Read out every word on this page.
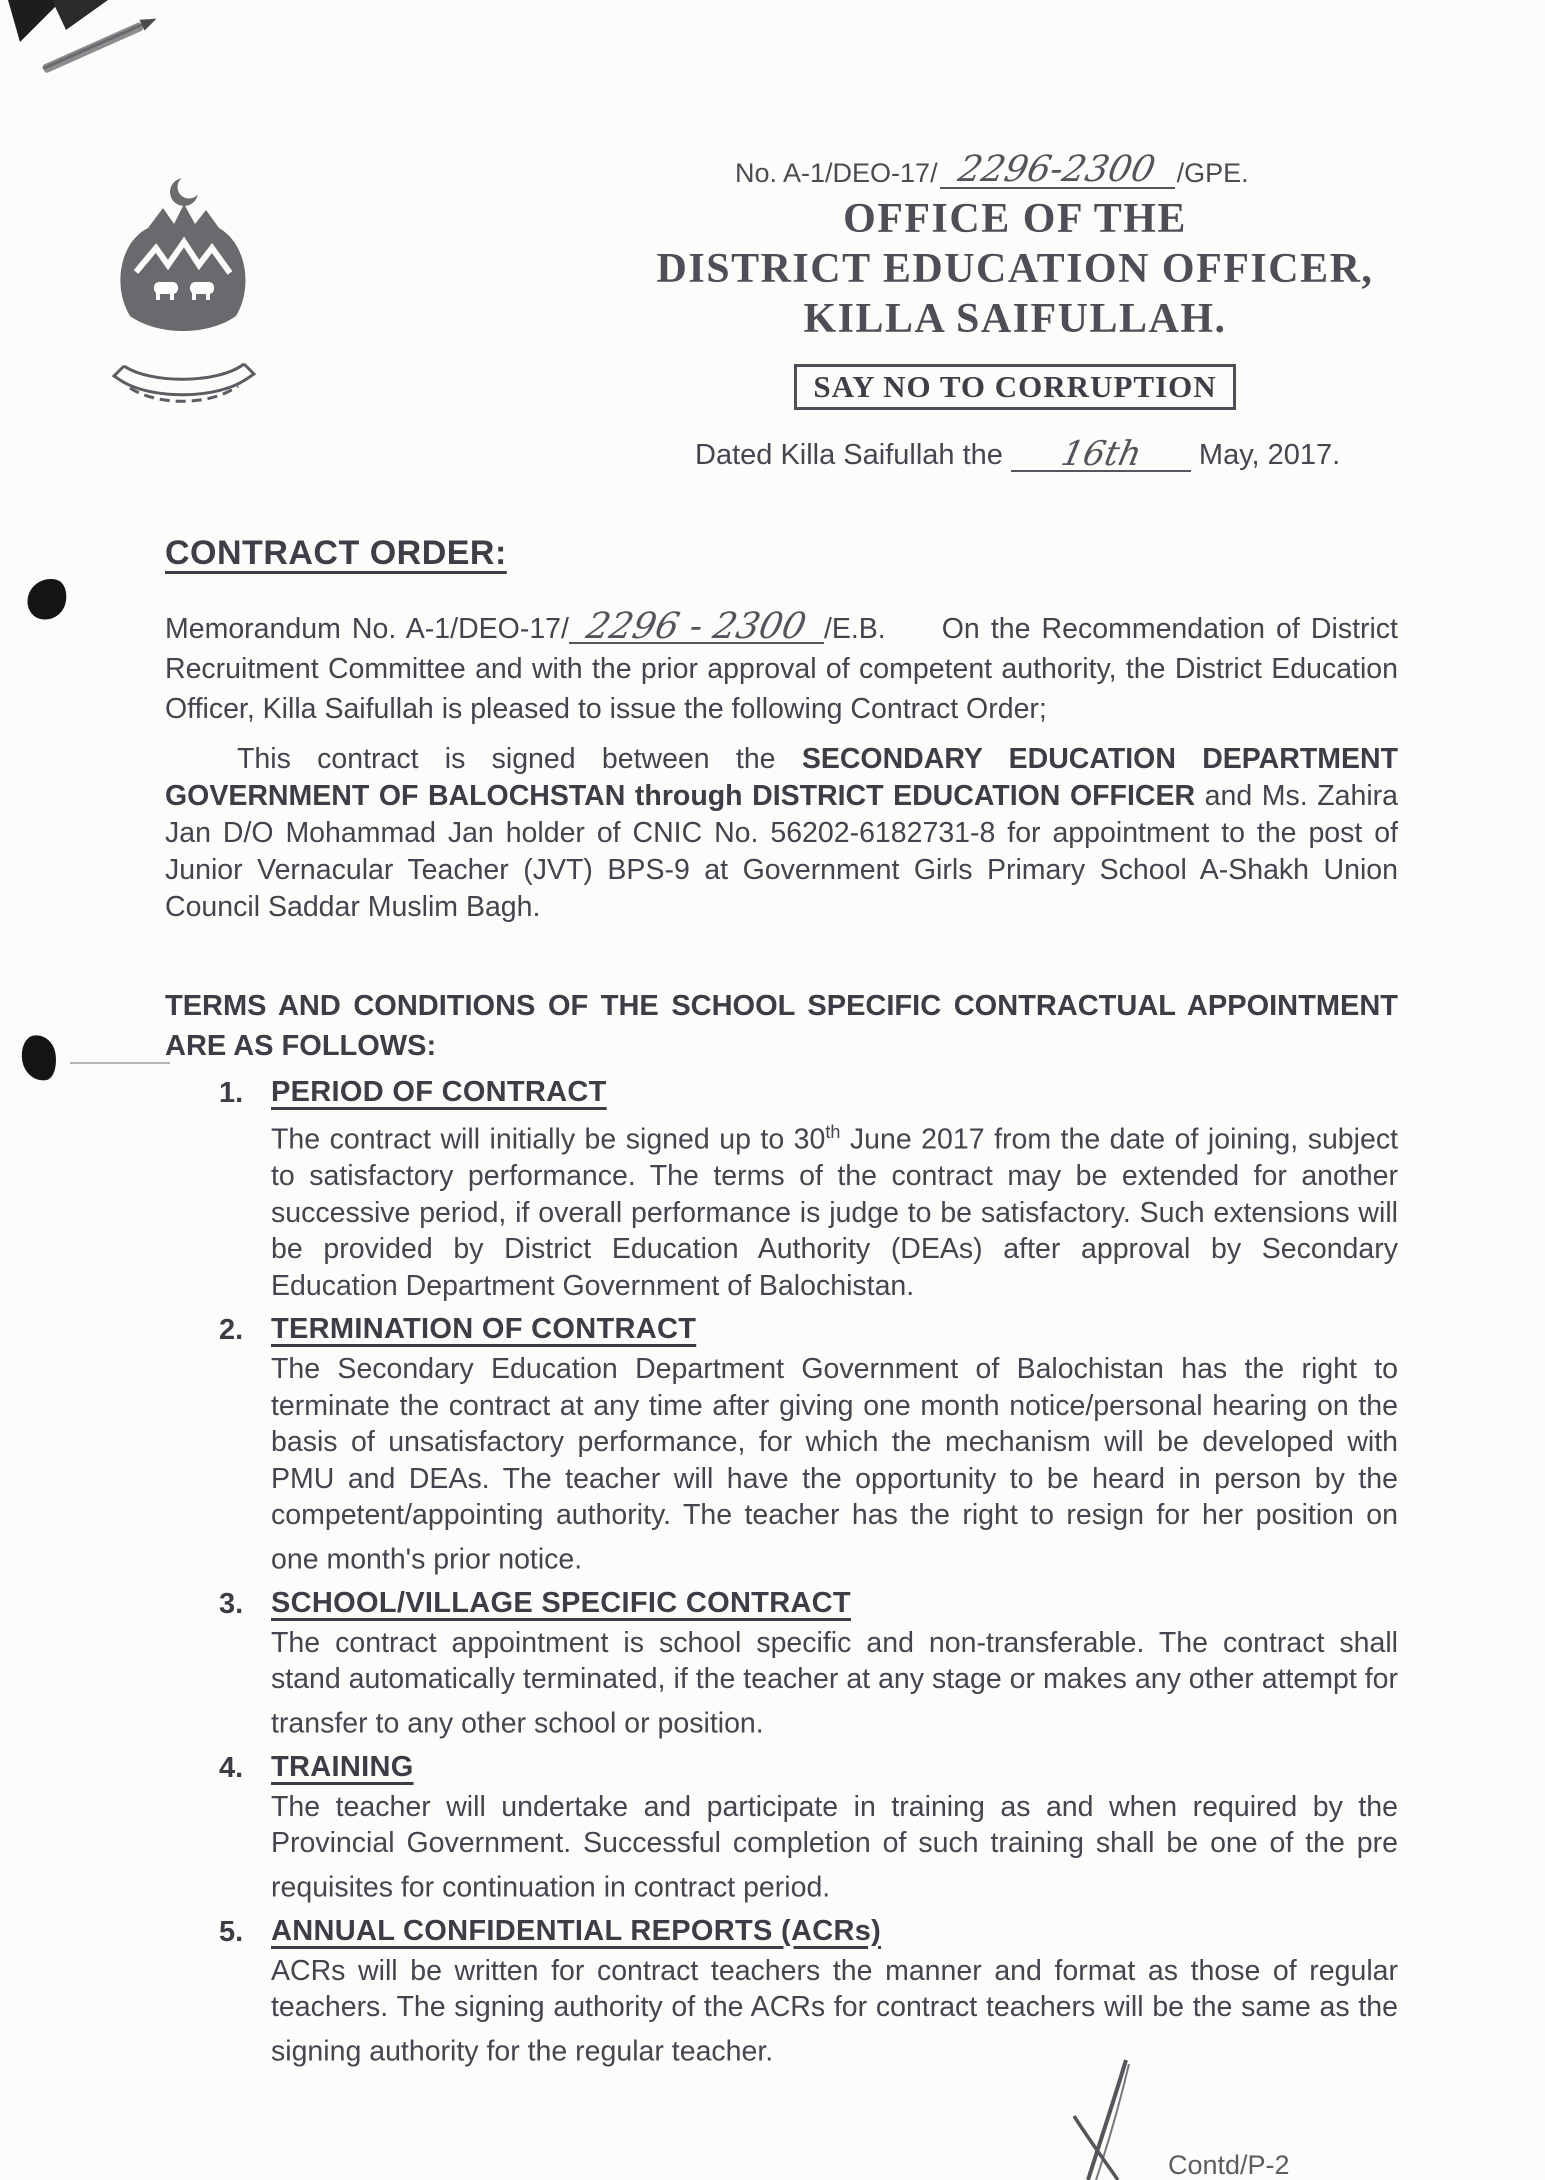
No. A-1/DEO-17/ 2296-2300 /GPE.
OFFICE OF THE
DISTRICT EDUCATION OFFICER,
KILLA SAIFULLAH.
SAY NO TO CORRUPTION
Dated Killa Saifullah the	16th	May, 2017.
CONTRACT ORDER:

Memorandum No. A-1/DEO-17/ 2296 - 2300 /E.B. On the Recommendation of District Recruitment Committee and with the prior approval of competent authority, the District Education Officer, Killa Saifullah is pleased to issue the following Contract Order;

This contract is signed between the SECONDARY EDUCATION DEPARTMENT GOVERNMENT OF BALOCHSTAN through DISTRICT EDUCATION OFFICER and Ms. Zahira Jan D/O Mohammad Jan holder of CNIC No. 56202-6182731-8 for appointment to the post of Junior Vernacular Teacher (JVT) BPS-9 at Government Girls Primary School A-Shakh Union Council Saddar Muslim Bagh.

TERMS AND CONDITIONS OF THE SCHOOL SPECIFIC CONTRACTUAL APPOINTMENT ARE AS FOLLOWS:
1. PERIOD OF CONTRACT

The contract will initially be signed up to 30th June 2017 from the date of joining, subject to satisfactory performance. The terms of the contract may be extended for another successive period, if overall performance is judge to be satisfactory. Such extensions will be provided by District Education Authority (DEAs) after approval by Secondary Education Department Government of Balochistan.

2. TERMINATION OF CONTRACT

The Secondary Education Department Government of Balochistan has the right to terminate the contract at any time after giving one month notice/personal hearing on the basis of unsatisfactory performance, for which the mechanism will be developed with PMU and DEAs. The teacher will have the opportunity to be heard in person by the competent/appointing authority. The teacher has the right to resign for her position on one month's prior notice.

3. SCHOOL/VILLAGE SPECIFIC CONTRACT

The contract appointment is school specific and non-transferable. The contract shall stand automatically terminated, if the teacher at any stage or makes any other attempt for transfer to any other school or position.

4. TRAINING

The teacher will undertake and participate in training as and when required by the Provincial Government. Successful completion of such training shall be one of the pre requisites for continuation in contract period.

5. ANNUAL CONFIDENTIAL REPORTS (ACRs)

ACRs will be written for contract teachers the manner and format as those of regular teachers. The signing authority of the ACRs for contract teachers will be the same as the signing authority for the regular teacher.

Contd/P-2
